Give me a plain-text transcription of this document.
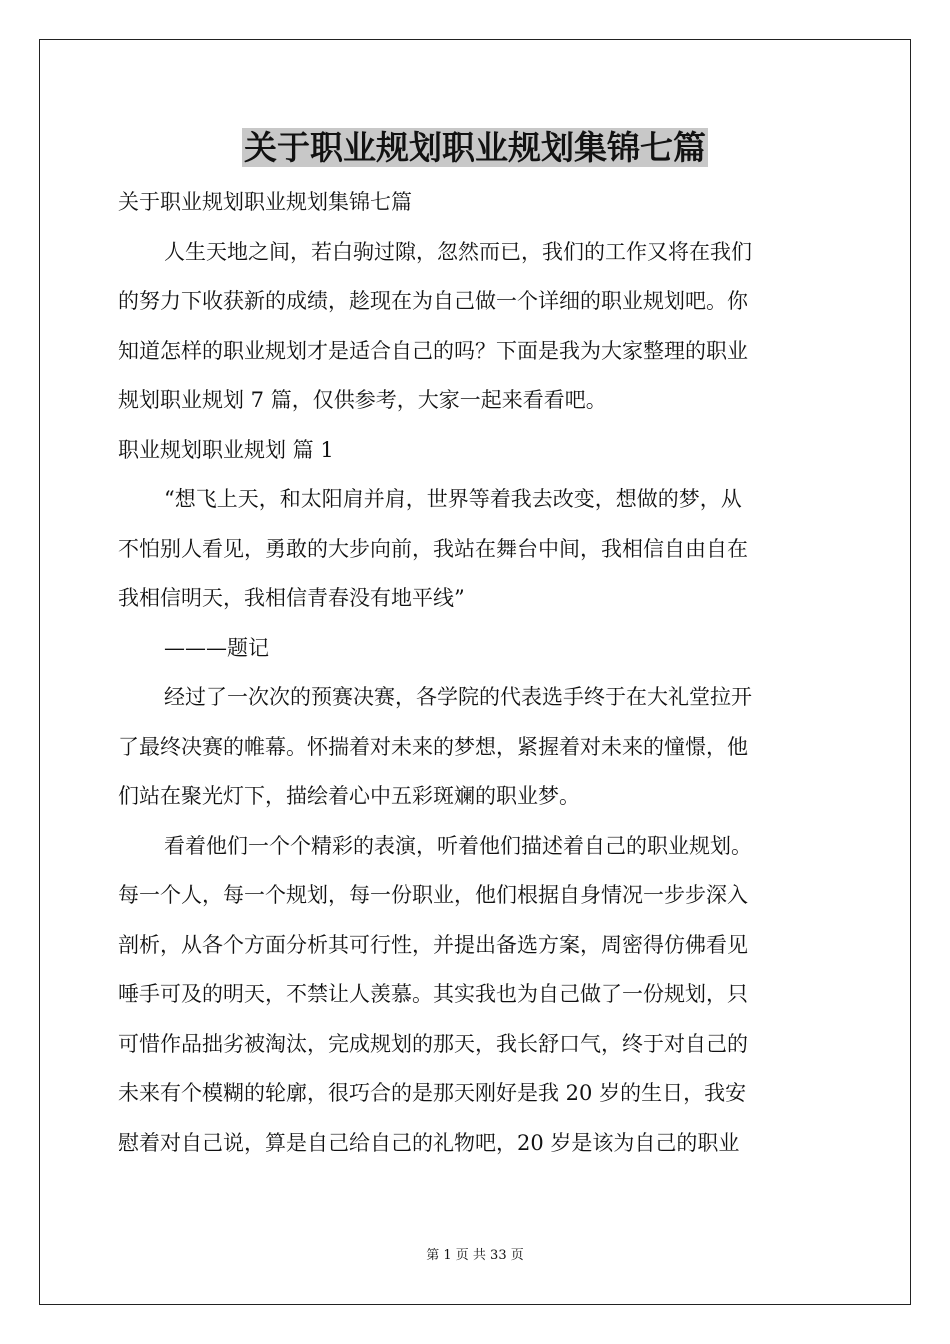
关于职业规划职业规划集锦七篇
关于职业规划职业规划集锦七篇
人生天地之间，若白驹过隙，忽然而已，我们的工作又将在我们
的努力下收获新的成绩，趁现在为自己做一个详细的职业规划吧。你
知道怎样的职业规划才是适合自己的吗？下面是我为大家整理的职业
规划职业规划 7 篇，仅供参考，大家一起来看看吧。
职业规划职业规划 篇 1
“想飞上天，和太阳肩并肩，世界等着我去改变，想做的梦，从
不怕别人看见，勇敢的大步向前，我站在舞台中间，我相信自由自在
我相信明天，我相信青春没有地平线”
———题记
经过了一次次的预赛决赛，各学院的代表选手终于在大礼堂拉开
了最终决赛的帷幕。怀揣着对未来的梦想，紧握着对未来的憧憬，他
们站在聚光灯下，描绘着心中五彩斑斓的职业梦。
看着他们一个个精彩的表演，听着他们描述着自己的职业规划。
每一个人，每一个规划，每一份职业，他们根据自身情况一步步深入
剖析，从各个方面分析其可行性，并提出备选方案，周密得仿佛看见
唾手可及的明天，不禁让人羡慕。其实我也为自己做了一份规划，只
可惜作品拙劣被淘汰，完成规划的那天，我长舒口气，终于对自己的
未来有个模糊的轮廓，很巧合的是那天刚好是我 20 岁的生日，我安
慰着对自己说，算是自己给自己的礼物吧，20 岁是该为自己的职业
第 1 页 共 33 页
